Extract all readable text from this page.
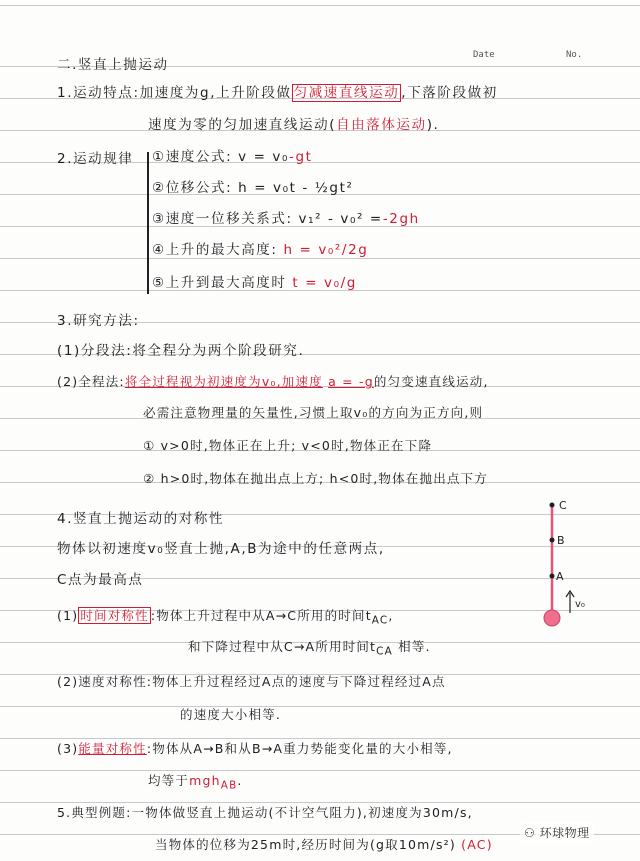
Date	No.
二.竖直上抛运动
1.运动特点:加速度为g,上升阶段做 匀减速直线运动 ,下落阶段做初
速度为零的匀加速直线运动(自由落体运动).
2.运动规律 ①速度公式: v = v₀-gt
②位移公式: h = v₀t - ½gt²
③速度一位移关系式: v₁² - v₀² =-2gh
④上升的最大高度: h = v₀²/2g
⑤上升到最大高度时 t = v₀/g
3.研究方法:
(1)分段法:将全程分为两个阶段研究.
(2)全程法:将全过程视为初速度为v₀,加速度 a = -g的匀变速直线运动,
必需注意物理量的矢量性,习惯上取v₀的方向为正方向,则
① v>0时,物体正在上升; v<0时,物体正在下降
② h>0时,物体在抛出点上方; h<0时,物体在抛出点下方
4.竖直上抛运动的对称性
物体以初速度v₀竖直上抛,A,B为途中的任意两点,
C点为最高点
(1) 时间对称性 :物体上升过程中从A→C所用的时间$t_{AC}$,
和下降过程中从C→A所用时间$t_{CA}$ 相等.
(2)速度对称性:物体上升过程经过A点的速度与下降过程经过A点
的速度大小相等.
(3)能量对称性:物体从A→B和从B→A重力势能变化量的大小相等,
均等于mgh$_{AB}$.
C
B
A
v₀
5.典型例题:一物体做竖直上抛运动(不计空气阻力),初速度为30m/s,
当物体的位移为25m时,经历时间为(g取10m/s²) (AC)
⚇ 环球物理
